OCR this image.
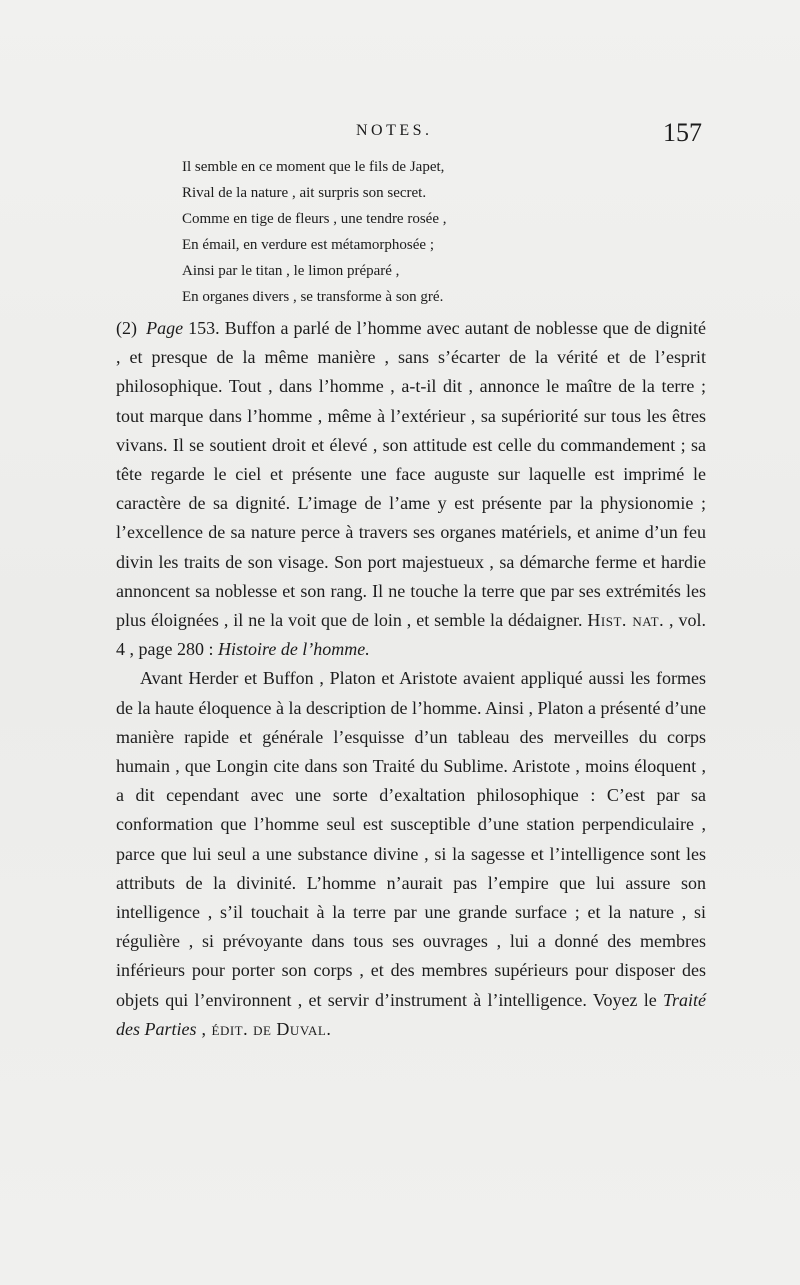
NOTES.	157
Il semble en ce moment que le fils de Japet,
Rival de la nature , ait surpris son secret.
Comme en tige de fleurs , une tendre rosée ,
En émail, en verdure est métamorphosée ;
Ainsi par le titan , le limon préparé ,
En organes divers , se transforme à son gré.

(2) Page 153. Buffon a parlé de l’homme avec autant de noblesse que de dignité , et presque de la même manière , sans s’écarter de la vérité et de l’esprit philosophique. Tout , dans l’homme , a-t-il dit , annonce le maître de la terre ; tout marque dans l’homme , même à l’extérieur , sa supériorité sur tous les êtres vivans. Il se soutient droit et élevé , son attitude est celle du commandement ; sa tête regarde le ciel et présente une face auguste sur laquelle est imprimé le caractère de sa dignité. L’image de l’ame y est présente par la physionomie ; l’excellence de sa nature perce à travers ses organes matériels, et anime d’un feu divin les traits de son visage. Son port majestueux , sa démarche ferme et hardie annoncent sa noblesse et son rang. Il ne touche la terre que par ses extrémités les plus éloignées , il ne la voit que de loin , et semble la dédaigner. Hist. nat. , vol. 4 , page 280 : Histoire de l’homme.

Avant Herder et Buffon , Platon et Aristote avaient appliqué aussi les formes de la haute éloquence à la description de l’homme. Ainsi , Platon a présenté d’une manière rapide et générale l’esquisse d’un tableau des merveilles du corps humain , que Longin cite dans son Traité du Sublime. Aristote , moins éloquent , a dit cependant avec une sorte d’exaltation philosophique : C’est par sa conformation que l’homme seul est susceptible d’une station perpendiculaire , parce que lui seul a une substance divine , si la sagesse et l’intelligence sont les attributs de la divinité. L’homme n’aurait pas l’empire que lui assure son intelligence , s’il touchait à la terre par une grande surface ; et la nature , si régulière , si prévoyante dans tous ses ouvrages , lui a donné des membres inférieurs pour porter son corps , et des membres supérieurs pour disposer des objets qui l’environnent , et servir d’instrument à l’intelligence. Voyez le Traité des Parties , édit. de Duval.
